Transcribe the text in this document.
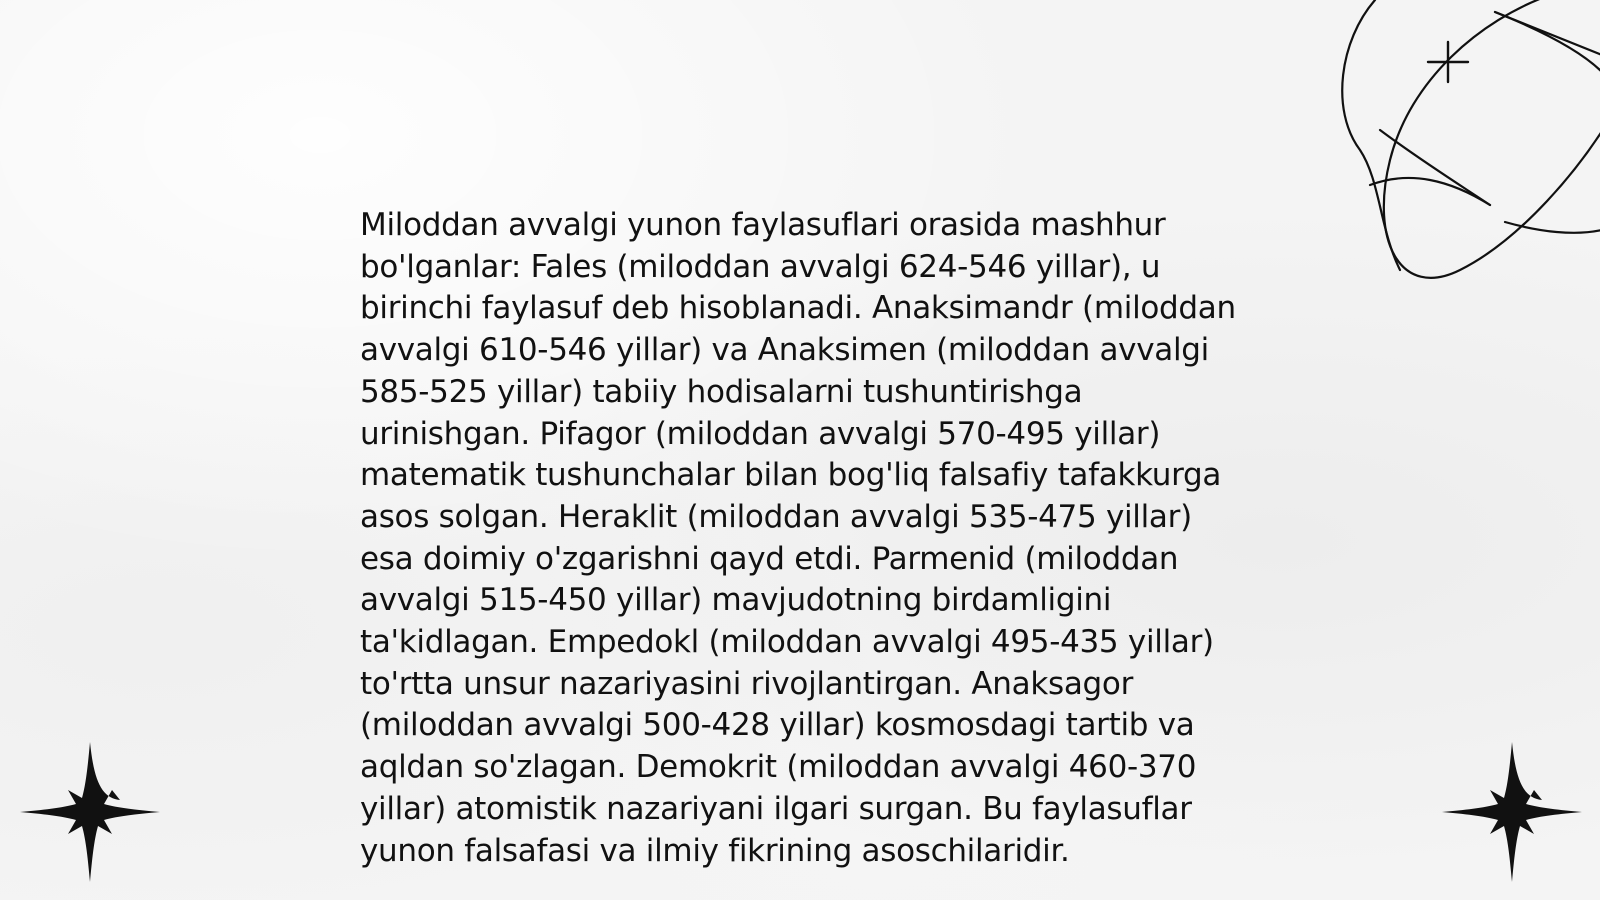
Miloddan avvalgi yunon faylasuflari orasida mashhur bo'lganlar: Fales (miloddan avvalgi 624-546 yillar), u birinchi faylasuf deb hisoblanadi. Anaksimandr (miloddan avvalgi 610-546 yillar) va Anaksimen (miloddan avvalgi 585-525 yillar) tabiiy hodisalarni tushuntirishga urinishgan. Pifagor (miloddan avvalgi 570-495 yillar) matematik tushunchalar bilan bog'liq falsafiy tafakkurga asos solgan. Heraklit (miloddan avvalgi 535-475 yillar) esa doimiy o'zgarishni qayd etdi. Parmenid (miloddan avvalgi 515-450 yillar) mavjudotning birdamligini ta'kidlagan. Empedokl (miloddan avvalgi 495-435 yillar) to'rtta unsur nazariyasini rivojlantirgan. Anaksagor (miloddan avvalgi 500-428 yillar) kosmosdagi tartib va aqldan so'zlagan. Demokrit (miloddan avvalgi 460-370 yillar) atomistik nazariyani ilgari surgan. Bu faylasuflar yunon falsafasi va ilmiy fikrining asoschilaridir.
